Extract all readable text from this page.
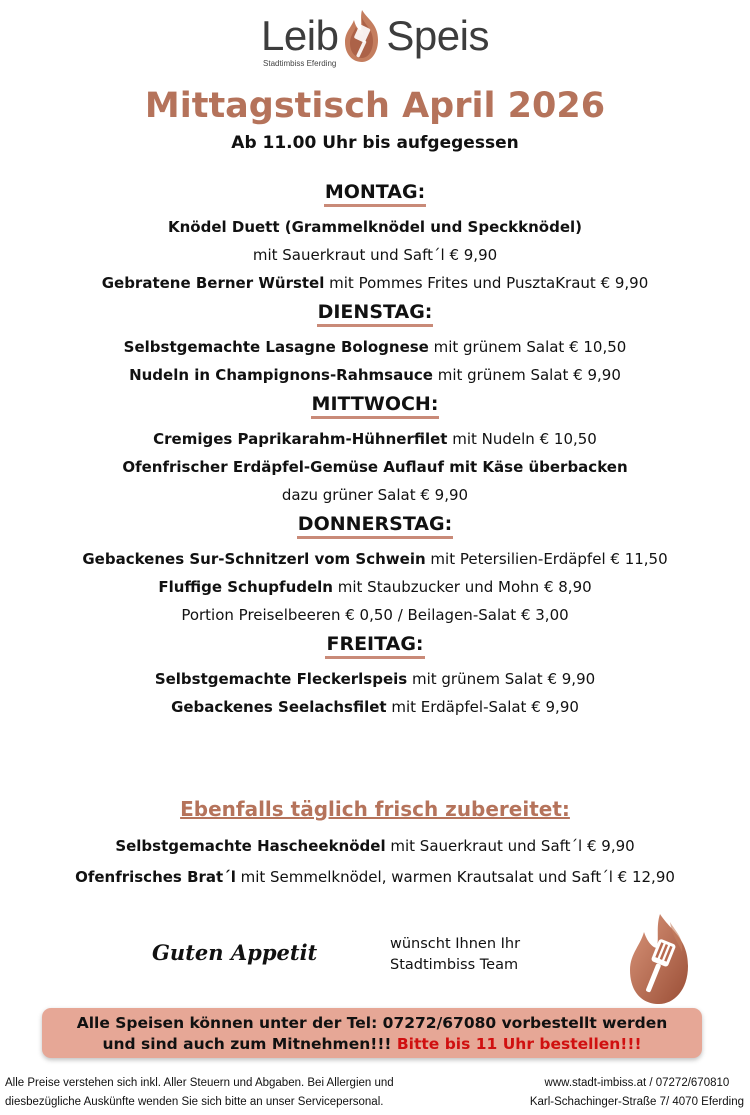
Leib Speis
Stadtimbiss Eferding
Mittagstisch April 2026

Ab 11.00 Uhr bis aufgegessen

MONTAG:
Knödel Duett (Grammelknödel und Speckknödel)
mit Sauerkraut und Saft´l € 9,90
Gebratene Berner Würstel mit Pommes Frites und PusztaKraut € 9,90
DIENSTAG:
Selbstgemachte Lasagne Bolognese mit grünem Salat € 10,50
Nudeln in Champignons-Rahmsauce mit grünem Salat € 9,90
MITTWOCH:
Cremiges Paprikarahm-Hühnerfilet mit Nudeln € 10,50
Ofenfrischer Erdäpfel-Gemüse Auflauf mit Käse überbacken
dazu grüner Salat € 9,90
DONNERSTAG:
Gebackenes Sur-Schnitzerl vom Schwein mit Petersilien-Erdäpfel € 11,50
Fluffige Schupfudeln mit Staubzucker und Mohn € 8,90
Portion Preiselbeeren € 0,50 / Beilagen-Salat € 3,00
FREITAG:
Selbstgemachte Fleckerlspeis mit grünem Salat € 9,90
Gebackenes Seelachsfilet mit Erdäpfel-Salat € 9,90
Ebenfalls täglich frisch zubereitet:
Selbstgemachte Hascheeknödel mit Sauerkraut und Saft´l € 9,90
Ofenfrisches Brat´l mit Semmelknödel, warmen Krautsalat und Saft´l € 12,90
Guten Appetit	wünscht Ihnen Ihr
Stadtimbiss Team
Alle Speisen können unter der Tel: 07272/67080 vorbestellt werden
und sind auch zum Mitnehmen!!! Bitte bis 11 Uhr bestellen!!!
Alle Preise verstehen sich inkl. Aller Steuern und Abgaben. Bei Allergien und
diesbezügliche Auskünfte wenden Sie sich bitte an unser Servicepersonal.
www.stadt-imbiss.at / 07272/670810
Karl-Schachinger-Straße 7/ 4070 Eferding
